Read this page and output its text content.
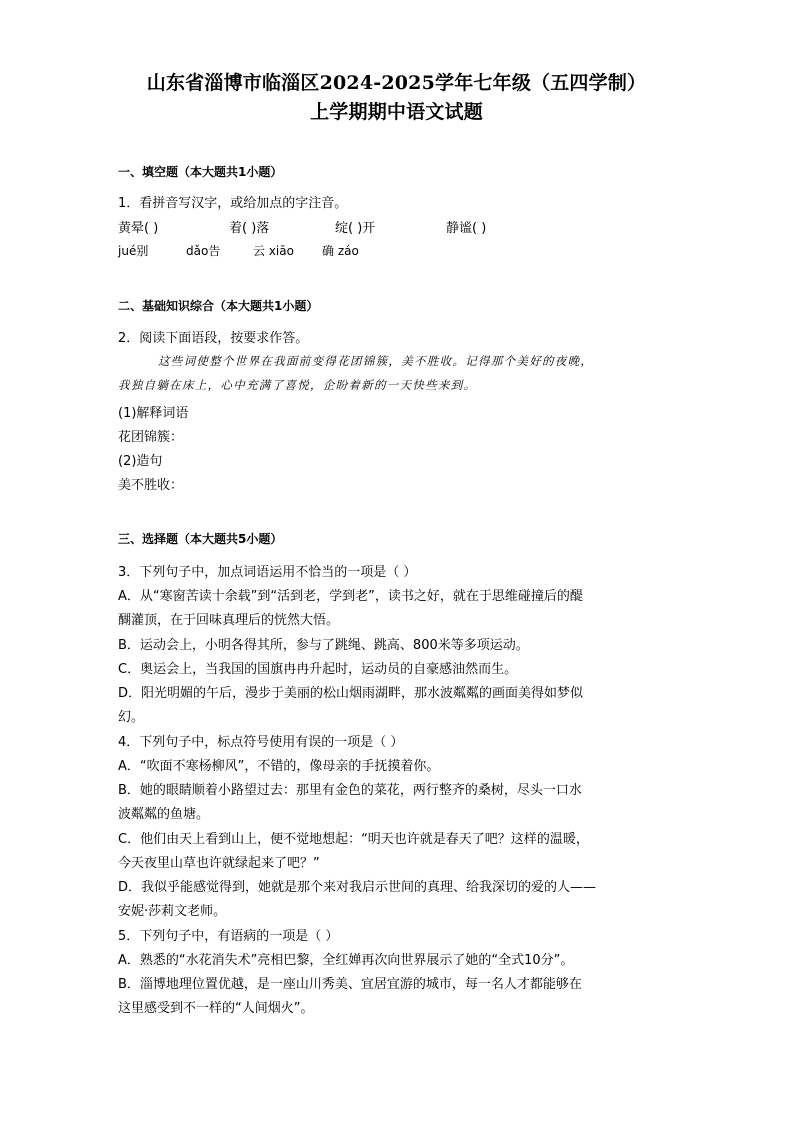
山东省淄博市临淄区2024-2025学年七年级（五四学制）
上学期期中语文试题
一、填空题（本大题共1小题）
1．看拼音写汉字，或给加点的字注音。
黄晕( )	着( )落	绽( )开	静谧( )
jué别	dǎo告	云 xiāo 确 záo
二、基础知识综合（本大题共1小题）
2．阅读下面语段，按要求作答。
这些词使整个世界在我面前变得花团锦簇，美不胜收。记得那个美好的夜晚，
我独自躺在床上，心中充满了喜悦，企盼着新的一天快些来到。
(1)解释词语
花团锦簇：
(2)造句
美不胜收：
三、选择题（本大题共5小题）
3．下列句子中，加点词语运用不恰当的一项是（ ）
A．从“寒窗苦读十余载”到“活到老，学到老”，读书之好，就在于思维碰撞后的醍
醐灌顶，在于回味真理后的恍然大悟。
B．运动会上，小明各得其所，参与了跳绳、跳高、800米等多项运动。
C．奥运会上，当我国的国旗冉冉升起时，运动员的自豪感油然而生。
D．阳光明媚的午后，漫步于美丽的松山烟雨湖畔，那水波粼粼的画面美得如梦似
幻。
4．下列句子中，标点符号使用有误的一项是（ ）
A．“吹面不寒杨柳风”，不错的，像母亲的手抚摸着你。
B．她的眼睛顺着小路望过去：那里有金色的菜花，两行整齐的桑树，尽头一口水
波粼粼的鱼塘。
C．他们由天上看到山上，便不觉地想起：“明天也许就是春天了吧？这样的温暖，
今天夜里山草也许就绿起来了吧？”
D．我似乎能感觉得到，她就是那个来对我启示世间的真理、给我深切的爱的人——
安妮·莎莉文老师。
5．下列句子中，有语病的一项是（ ）
A．熟悉的“水花消失术”亮相巴黎，全红婵再次向世界展示了她的“全式10分”。
B．淄博地理位置优越，是一座山川秀美、宜居宜游的城市，每一名人才都能够在
这里感受到不一样的“人间烟火”。
